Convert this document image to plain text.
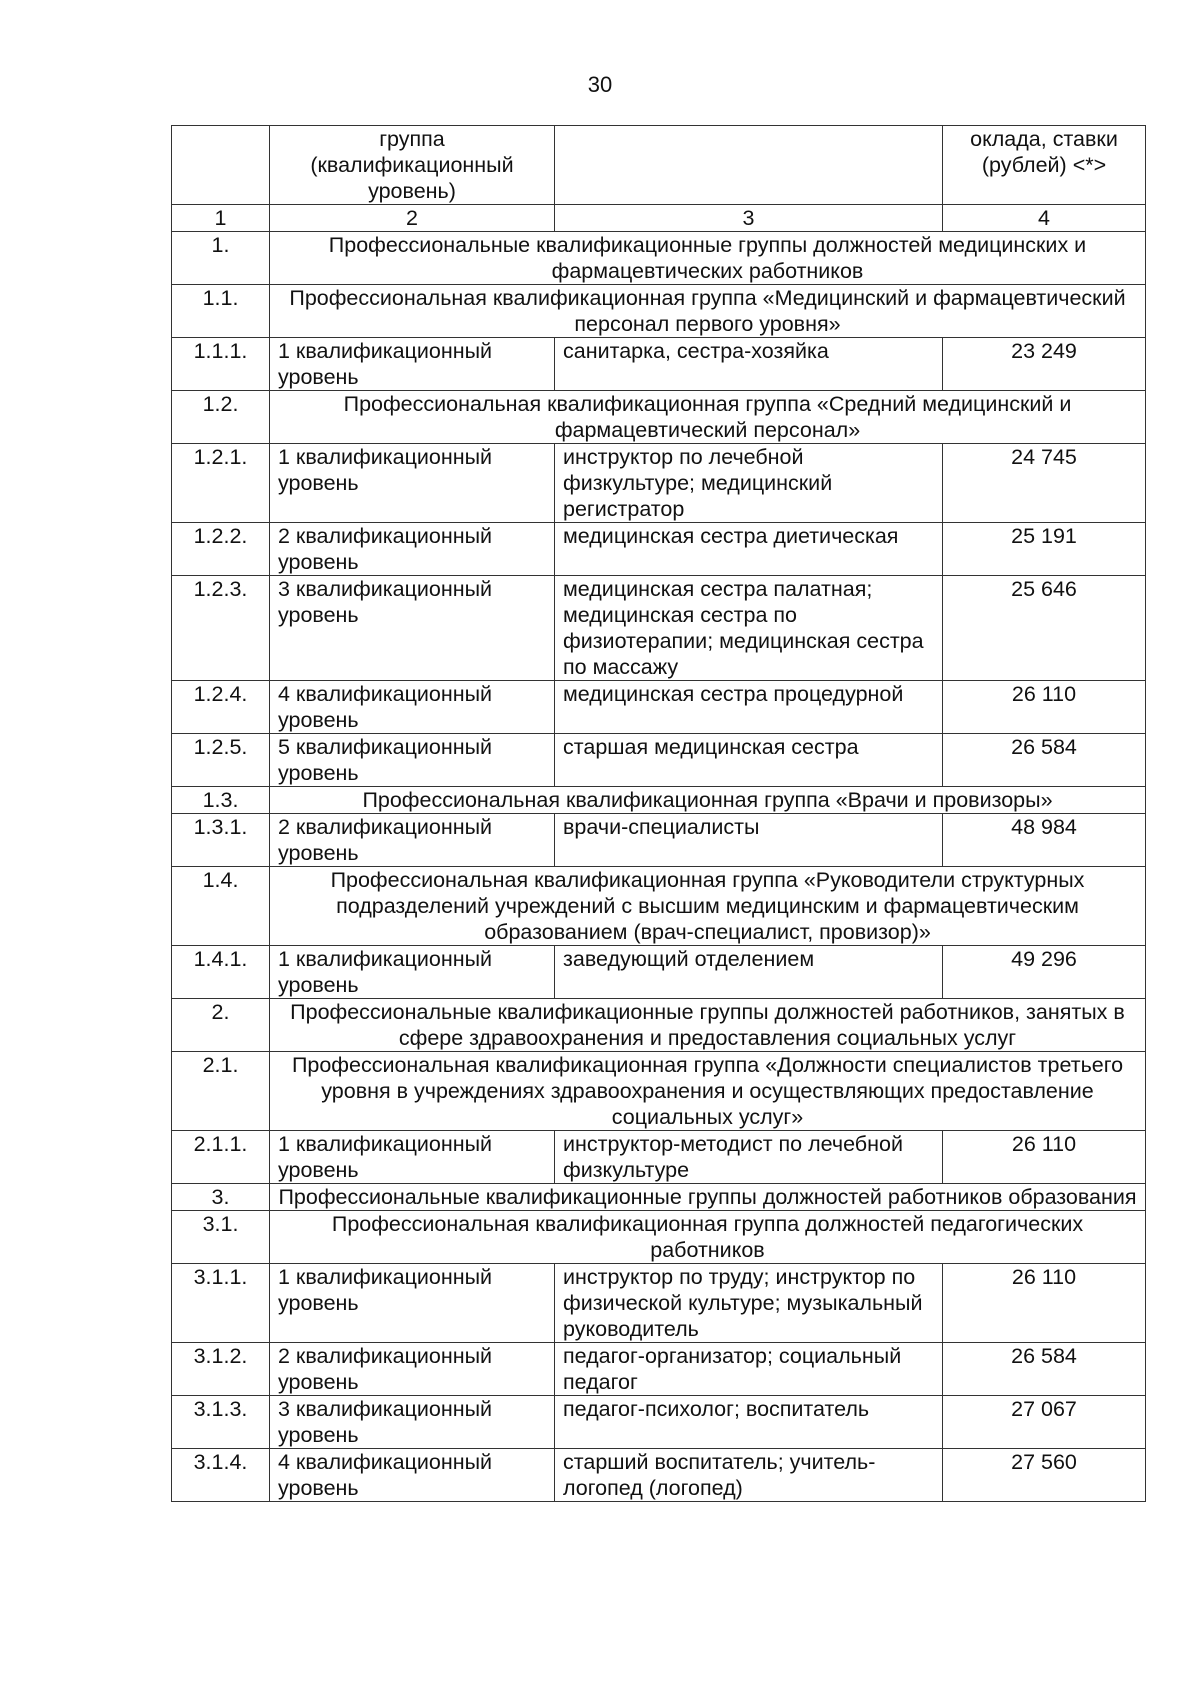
30
	группа (квалификационный уровень)		оклада, ставки (рублей) <*>
1	2	3	4
1.	Профессиональные квалификационные группы должностей медицинских и фармацевтических работников		
1.1.	Профессиональная квалификационная группа «Медицинский и фармацевтический персонал первого уровня»		
1.1.1.	1 квалификационный уровень	санитарка, сестра-хозяйка	23 249
1.2.	Профессиональная квалификационная группа «Средний медицинский и фармацевтический персонал»		
1.2.1.	1 квалификационный уровень	инструктор по лечебной физкультуре; медицинский регистратор	24 745
1.2.2.	2 квалификационный уровень	медицинская сестра диетическая	25 191
1.2.3.	3 квалификационный уровень	медицинская сестра палатная; медицинская сестра по физиотерапии; медицинская сестра по массажу	25 646
1.2.4.	4 квалификационный уровень	медицинская сестра процедурной	26 110
1.2.5.	5 квалификационный уровень	старшая медицинская сестра	26 584
1.3.	Профессиональная квалификационная группа «Врачи и провизоры»		
1.3.1.	2 квалификационный уровень	врачи-специалисты	48 984
1.4.	Профессиональная квалификационная группа «Руководители структурных подразделений учреждений с высшим медицинским и фармацевтическим образованием (врач-специалист, провизор)»		
1.4.1.	1 квалификационный уровень	заведующий отделением	49 296
2.	Профессиональные квалификационные группы должностей работников, занятых в сфере здравоохранения и предоставления социальных услуг		
2.1.	Профессиональная квалификационная группа «Должности специалистов третьего уровня в учреждениях здравоохранения и осуществляющих предоставление социальных услуг»		
2.1.1.	1 квалификационный уровень	инструктор-методист по лечебной физкультуре	26 110
3.	Профессиональные квалификационные группы должностей работников образования		
3.1.	Профессиональная квалификационная группа должностей педагогических работников		
3.1.1.	1 квалификационный уровень	инструктор по труду; инструктор по физической культуре; музыкальный руководитель	26 110
3.1.2.	2 квалификационный уровень	педагог-организатор; социальный педагог	26 584
3.1.3.	3 квалификационный уровень	педагог-психолог; воспитатель	27 067
3.1.4.	4 квалификационный уровень	старший воспитатель; учитель-логопед (логопед)	27 560
